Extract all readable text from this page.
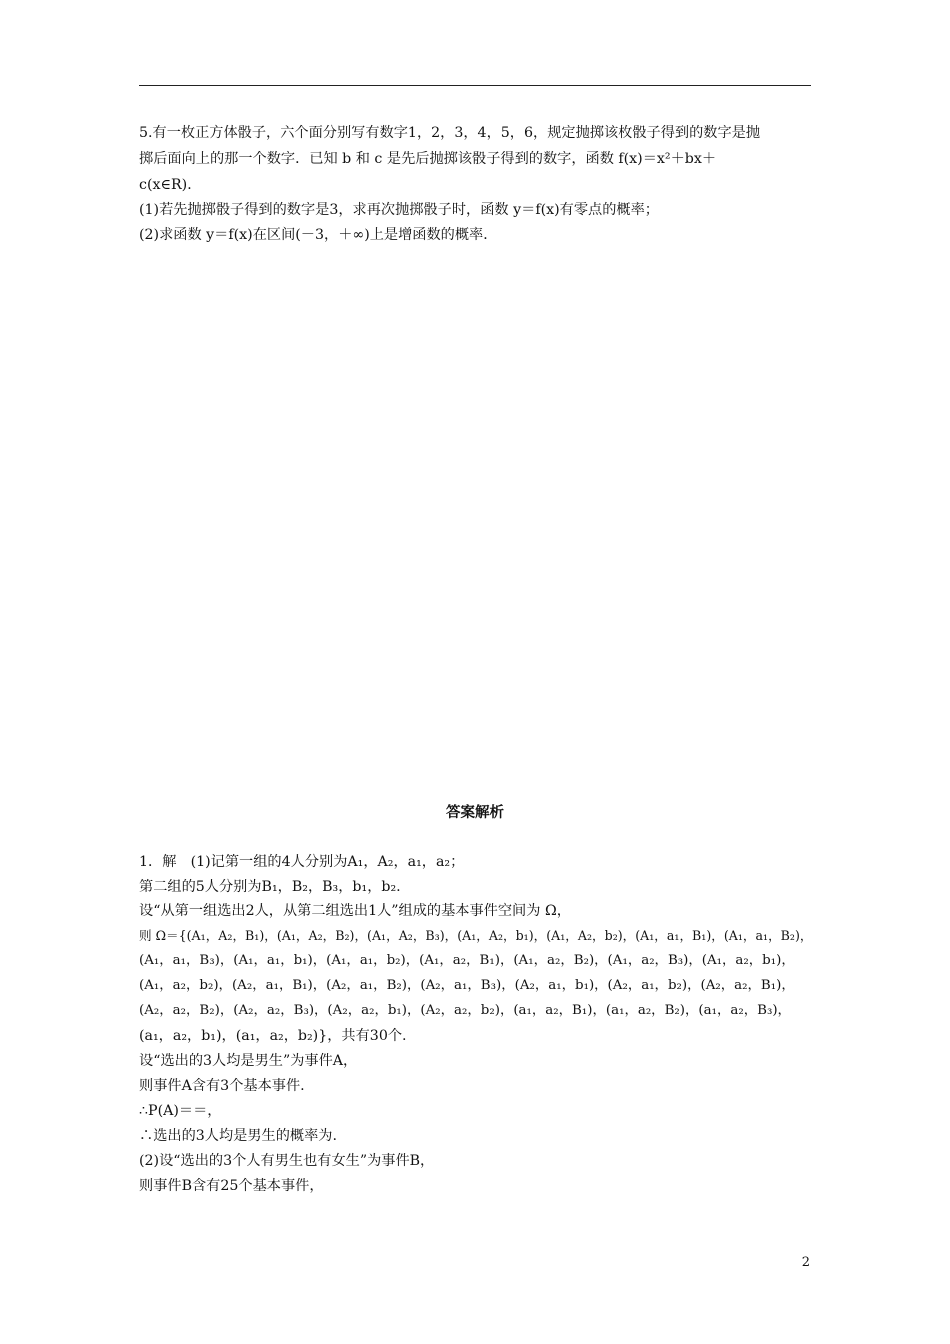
5.有一枚正方体骰子，六个面分别写有数字1，2，3，4，5，6，规定抛掷该枚骰子得到的数字是抛
掷后面向上的那一个数字．已知 b 和 c 是先后抛掷该骰子得到的数字，函数 f(x)＝x²＋bx＋
c(x∈R)．
(1)若先抛掷骰子得到的数字是3，求再次抛掷骰子时，函数 y＝f(x)有零点的概率；
(2)求函数 y＝f(x)在区间(－3，＋∞)上是增函数的概率．
答案解析
1．解　(1)记第一组的4人分别为A₁，A₂，a₁，a₂；
第二组的5人分别为B₁，B₂，B₃，b₁，b₂.
设“从第一组选出2人，从第二组选出1人”组成的基本事件空间为 Ω，
则 Ω＝{(A₁，A₂，B₁)，(A₁，A₂，B₂)，(A₁，A₂，B₃)，(A₁，A₂，b₁)，(A₁，A₂，b₂)，(A₁，a₁，B₁)，(A₁，a₁，B₂)，
(A₁，a₁，B₃)，(A₁，a₁，b₁)，(A₁，a₁，b₂)，(A₁，a₂，B₁)，(A₁，a₂，B₂)，(A₁，a₂，B₃)，(A₁，a₂，b₁)，
(A₁，a₂，b₂)，(A₂，a₁，B₁)，(A₂，a₁，B₂)，(A₂，a₁，B₃)，(A₂，a₁，b₁)，(A₂，a₁，b₂)，(A₂，a₂，B₁)，
(A₂，a₂，B₂)，(A₂，a₂，B₃)，(A₂，a₂，b₁)，(A₂，a₂，b₂)，(a₁，a₂，B₁)，(a₁，a₂，B₂)，(a₁，a₂，B₃)，
(a₁，a₂，b₁)，(a₁，a₂，b₂)}，共有30个.
设“选出的3人均是男生”为事件A，
则事件A含有3个基本事件.
∴P(A)＝＝，
∴选出的3人均是男生的概率为.
(2)设“选出的3个人有男生也有女生”为事件B，
则事件B含有25个基本事件，
2
